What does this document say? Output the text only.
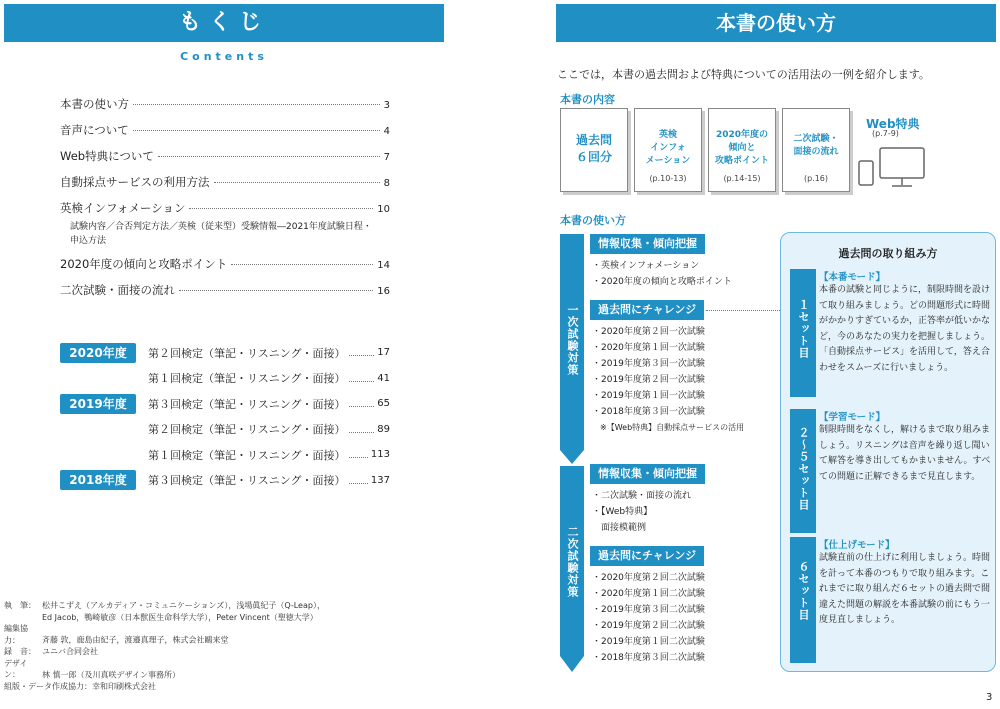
もくじ
Contents
本書の使い方	3
音声について	4
Web特典について	7
自動採点サービスの利用方法	8
英検インフォメーション	10
試験内容／合否判定方法／英検（従来型）受験情報―2021年度試験日程・申込方法
2020年度の傾向と攻略ポイント	14
二次試験・面接の流れ	16
2020年度	第２回検定（筆記・リスニング・面接）	17
第１回検定（筆記・リスニング・面接）	41
2019年度	第３回検定（筆記・リスニング・面接）	65
第２回検定（筆記・リスニング・面接）	89
第１回検定（筆記・リスニング・面接）	113
2018年度	第３回検定（筆記・リスニング・面接）	137
執　筆： 松井こずえ（アルカディア・コミュニケーションズ），浅場眞紀子（Q-Leap），
Ed Jacob，鴨崎敏彦（日本獣医生命科学大学），Peter Vincent（聖徳大学）
編集協力：	斉藤 敦，鹿島由紀子，渡邉真理子，株式会社鷗来堂
録　音： ユニバ合同会社
デザイン：	林 慎一郎（及川真咲デザイン事務所）
組版・データ作成協力：幸和印刷株式会社
本書の使い方
ここでは，本書の過去問および特典についての活用法の一例を紹介します。
本書の内容
過去問
６回分
英検
インフォ
メーション
(p.10-13)
2020年度の
傾向と
攻略ポイント
(p.14-15)
二次試験・
面接の流れ
(p.16)
Web特典
(p.7-9)
本書の使い方
一次試験対策
二次試験対策
情報収集・傾向把握
・英検インフォメーション
・2020年度の傾向と攻略ポイント
過去問にチャレンジ
・2020年度第２回一次試験
・2020年度第１回一次試験
・2019年度第３回一次試験
・2019年度第２回一次試験
・2019年度第１回一次試験
・2018年度第３回一次試験
※【Web特典】自動採点サービスの活用
情報収集・傾向把握
・二次試験・面接の流れ
・【Web特典】
　面接模範例
過去問にチャレンジ
・2020年度第２回二次試験
・2020年度第１回二次試験
・2019年度第３回二次試験
・2019年度第２回二次試験
・2019年度第１回二次試験
・2018年度第３回二次試験
過去問の取り組み方
１セット目
【本番モード】
本番の試験と同じように，制限時間を設けて取り組みましょう。どの問題形式に時間がかかりすぎているか，正答率が低いかなど，今のあなたの実力を把握しましょう。「自動採点サービス」を活用して，答え合わせをスムーズに行いましょう。
２〜５セット目
【学習モード】
制限時間をなくし，解けるまで取り組みましょう。リスニングは音声を繰り返し聞いて解答を導き出してもかまいません。すべての問題に正解できるまで見直します。
６セット目
【仕上げモード】
試験直前の仕上げに利用しましょう。時間を計って本番のつもりで取り組みます。これまでに取り組んだ６セットの過去問で間違えた問題の解説を本番試験の前にもう一度見直しましょう。
3
